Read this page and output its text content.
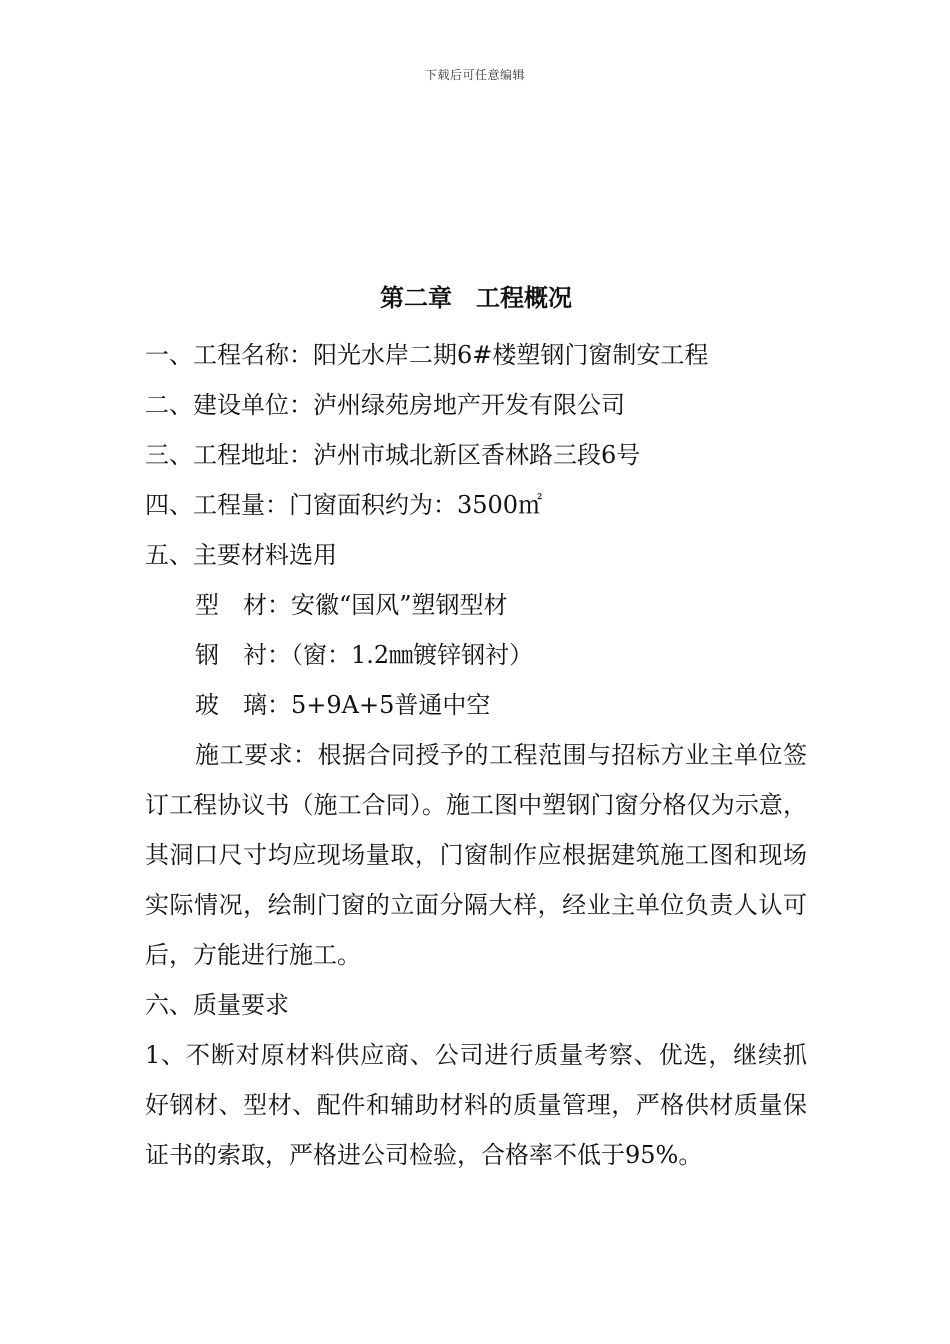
下载后可任意编辑
第二章　工程概况

一、工程名称：阳光水岸二期6#楼塑钢门窗制安工程

二、建设单位：泸州绿苑房地产开发有限公司

三、工程地址：泸州市城北新区香林路三段6号

四、工程量：门窗面积约为：3500㎡

五、主要材料选用

型　材：安徽“国风”塑钢型材

钢　衬：（窗：1.2㎜镀锌钢衬）

玻　璃：5+9A+5普通中空

施工要求：根据合同授予的工程范围与招标方业主单位签订工程协议书（施工合同）。施工图中塑钢门窗分格仅为示意，其洞口尺寸均应现场量取，门窗制作应根据建筑施工图和现场实际情况，绘制门窗的立面分隔大样，经业主单位负责人认可后，方能进行施工。

六、质量要求

1、不断对原材料供应商、公司进行质量考察、优选，继续抓好钢材、型材、配件和辅助材料的质量管理，严格供材质量保证书的索取，严格进公司检验，合格率不低于95%。
